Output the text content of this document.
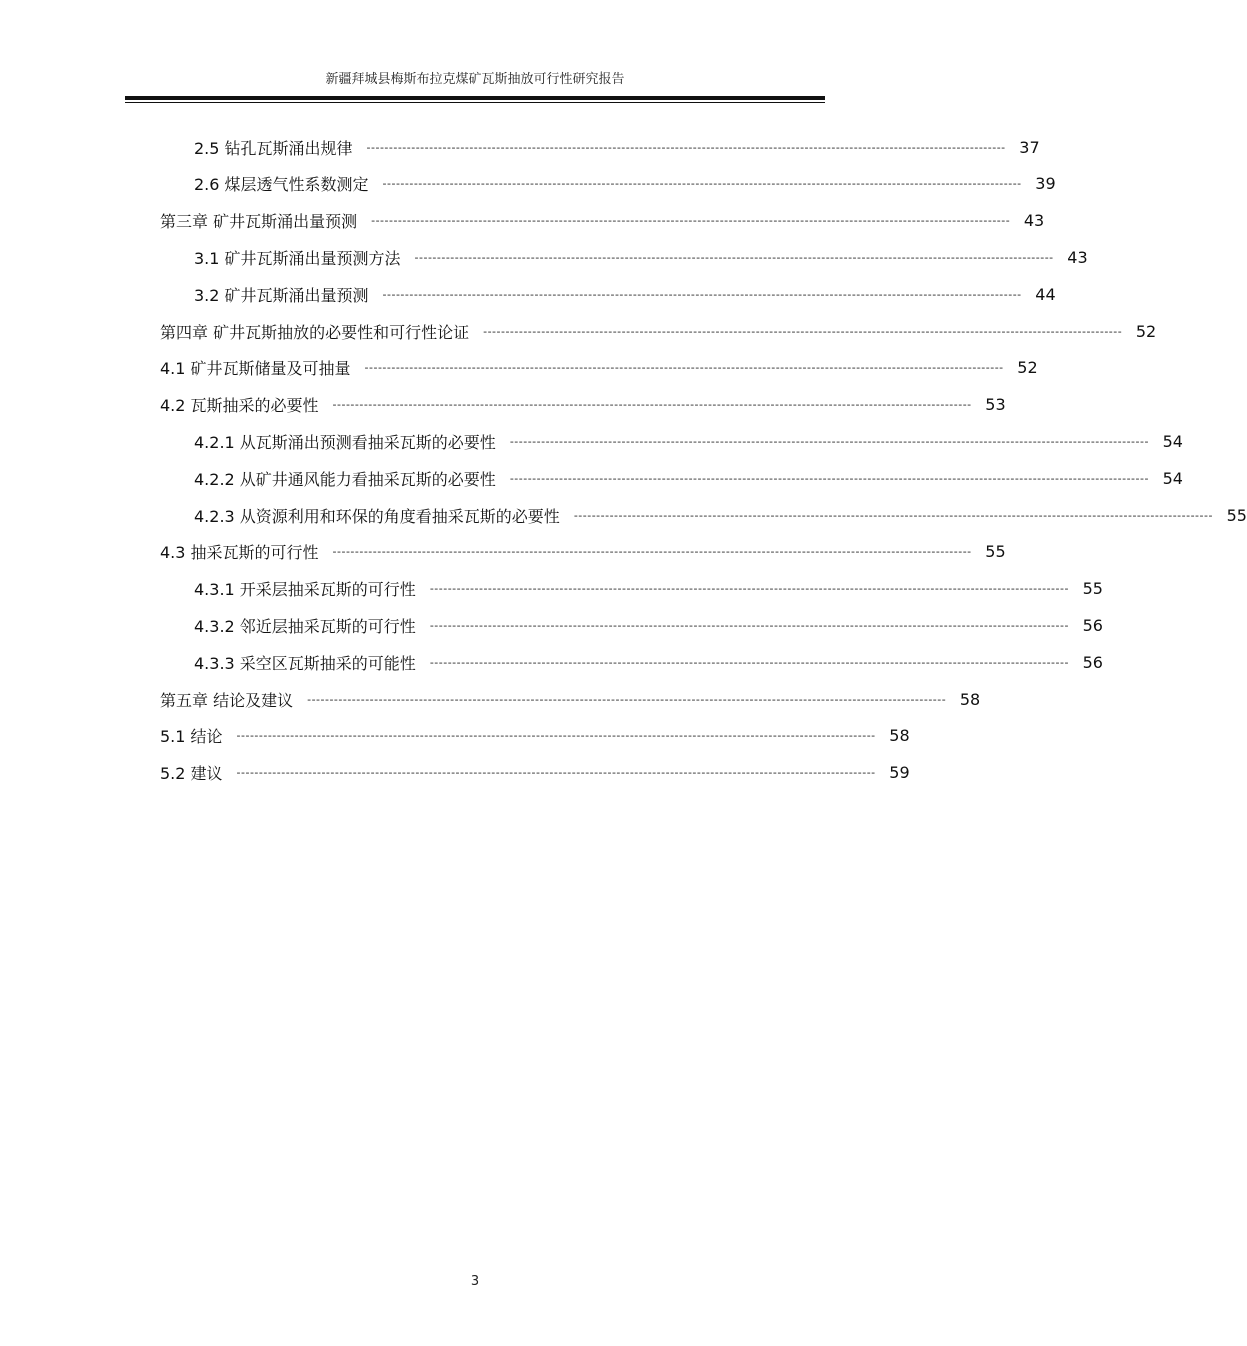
新疆拜城县梅斯布拉克煤矿瓦斯抽放可行性研究报告
2.5 钻孔瓦斯涌出规律 ----------------------------------------------------------------------------------------------------------------------------------------------- 37
2.6 煤层透气性系数测定 ----------------------------------------------------------------------------------------------------------------------------------------------- 39
第三章 矿井瓦斯涌出量预测 ----------------------------------------------------------------------------------------------------------------------------------------------- 43
3.1 矿井瓦斯涌出量预测方法 ----------------------------------------------------------------------------------------------------------------------------------------------- 43
3.2 矿井瓦斯涌出量预测 ----------------------------------------------------------------------------------------------------------------------------------------------- 44
第四章 矿井瓦斯抽放的必要性和可行性论证 ----------------------------------------------------------------------------------------------------------------------------------------------- 52
4.1 矿井瓦斯储量及可抽量 ----------------------------------------------------------------------------------------------------------------------------------------------- 52
4.2 瓦斯抽采的必要性 ----------------------------------------------------------------------------------------------------------------------------------------------- 53
4.2.1 从瓦斯涌出预测看抽采瓦斯的必要性 ----------------------------------------------------------------------------------------------------------------------------------------------- 54
4.2.2 从矿井通风能力看抽采瓦斯的必要性 ----------------------------------------------------------------------------------------------------------------------------------------------- 54
4.2.3 从资源利用和环保的角度看抽采瓦斯的必要性 ----------------------------------------------------------------------------------------------------------------------------------------------- 55
4.3 抽采瓦斯的可行性 ----------------------------------------------------------------------------------------------------------------------------------------------- 55
4.3.1 开采层抽采瓦斯的可行性 ----------------------------------------------------------------------------------------------------------------------------------------------- 55
4.3.2 邻近层抽采瓦斯的可行性 ----------------------------------------------------------------------------------------------------------------------------------------------- 56
4.3.3 采空区瓦斯抽采的可能性 ----------------------------------------------------------------------------------------------------------------------------------------------- 56
第五章 结论及建议 ----------------------------------------------------------------------------------------------------------------------------------------------- 58
5.1 结论 ----------------------------------------------------------------------------------------------------------------------------------------------- 58
5.2 建议 ----------------------------------------------------------------------------------------------------------------------------------------------- 59
3
